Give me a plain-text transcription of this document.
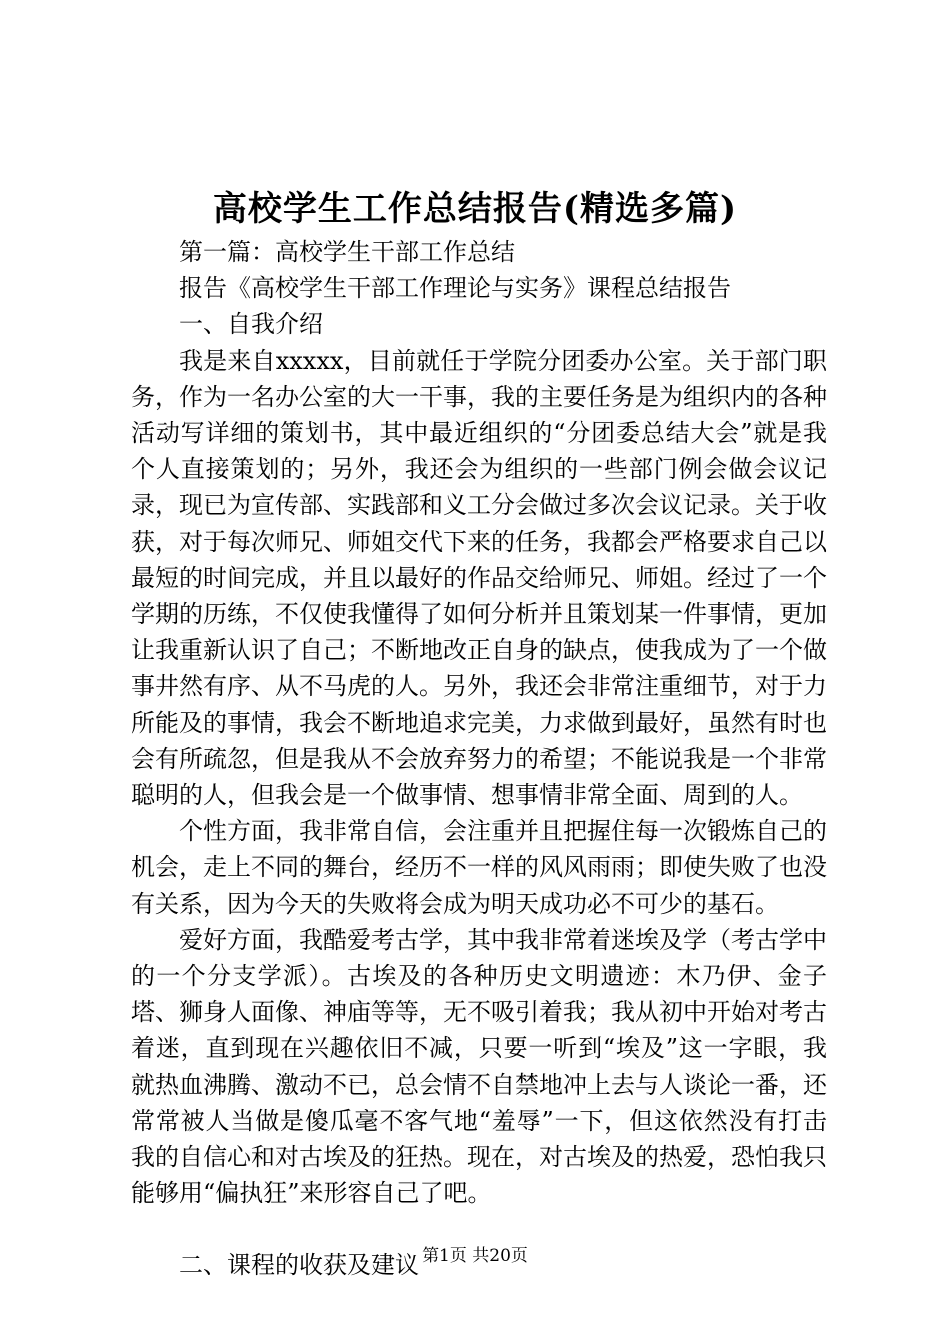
高校学生工作总结报告(精选多篇)

第一篇：高校学生干部工作总结

报告《高校学生干部工作理论与实务》课程总结报告

一、自我介绍

我是来自xxxxx，目前就任于学院分团委办公室。关于部门职务，作为一名办公室的大一干事，我的主要任务是为组织内的各种活动写详细的策划书，其中最近组织的“分团委总结大会”就是我个人直接策划的；另外，我还会为组织的一些部门例会做会议记录，现已为宣传部、实践部和义工分会做过多次会议记录。关于收获，对于每次师兄、师姐交代下来的任务，我都会严格要求自己以最短的时间完成，并且以最好的作品交给师兄、师姐。经过了一个学期的历练，不仅使我懂得了如何分析并且策划某一件事情，更加让我重新认识了自己；不断地改正自身的缺点，使我成为了一个做事井然有序、从不马虎的人。另外，我还会非常注重细节，对于力所能及的事情，我会不断地追求完美，力求做到最好，虽然有时也会有所疏忽，但是我从不会放弃努力的希望；不能说我是一个非常聪明的人，但我会是一个做事情、想事情非常全面、周到的人。

个性方面，我非常自信，会注重并且把握住每一次锻炼自己的机会，走上不同的舞台，经历不一样的风风雨雨；即使失败了也没有关系，因为今天的失败将会成为明天成功必不可少的基石。

爱好方面，我酷爱考古学，其中我非常着迷埃及学（考古学中的一个分支学派）。古埃及的各种历史文明遗迹：木乃伊、金子塔、狮身人面像、神庙等等，无不吸引着我；我从初中开始对考古着迷，直到现在兴趣依旧不减，只要一听到“埃及”这一字眼，我就热血沸腾、激动不已，总会情不自禁地冲上去与人谈论一番，还常常被人当做是傻瓜毫不客气地“羞辱”一下，但这依然没有打击我的自信心和对古埃及的狂热。现在，对古埃及的热爱，恐怕我只能够用“偏执狂”来形容自己了吧。

二、课程的收获及建议 第1页 共20页
